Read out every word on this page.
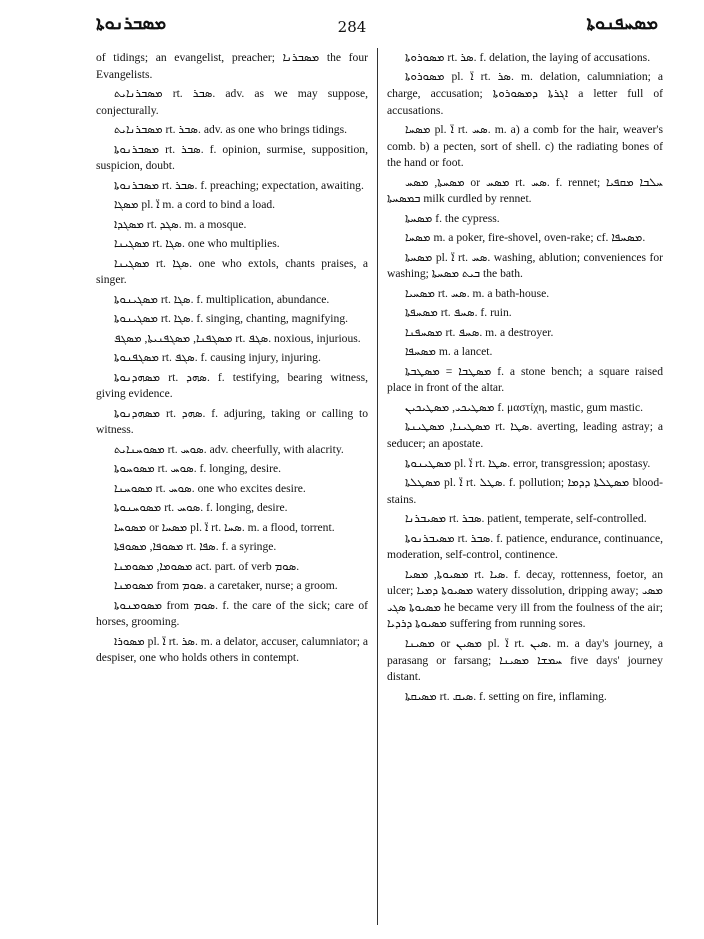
ܡܣܒܪܢܘܬܐ	284	ܡܣܚܦܢܘܬܐ

of tidings; an evangelist, preacher; ܡܣܒܪܢܐ the four Evangelists.

ܡܣܒܪܢܐܝܬ rt. ܣܒܪ. adv. as we may suppose, conjecturally.

ܡܣܒܪܢܐܝܬ rt. ܣܒܪ. adv. as one who brings tidings.

ܡܣܒܪܢܘܬܐ rt. ܣܒܪ. f. opinion, surmise, supposition, suspicion, doubt.

ܡܣܒܪܢܘܬܐ rt. ܣܒܪ. f. preaching; expectation, awaiting.

ܡܣܓܐ pl. ܐ̈ m. a cord to bind a load.

ܡܣܓܕܐ rt. ܣܓܕ. m. a mosque.

ܡܣܓܝܢܐ rt. ܣܓܐ. one who multiplies.

ܡܣܓܝܢܐ rt. ܣܓܐ. one who extols, chants praises, a singer.

ܡܣܓܝܢܘܬܐ rt. ܣܓܐ. f. multiplication, abundance.

ܡܣܓܝܢܘܬܐ rt. ܣܓܐ. f. singing, chanting, magnifying.

ܡܣܓܦܢܐ, ܡܣܓܦܢܝܬܐ, ܡܣܓܦ rt. ܣܓܦ. noxious, injurious.

ܡܣܓܦܢܘܬܐ rt. ܣܓܦ. f. causing injury, injuring.

ܡܣܗܕܢܘܬܐ rt. ܣܗܕ. f. testifying, bearing witness, giving evidence.

ܡܣܗܕܢܘܬܐ rt. ܣܗܕ. f. adjuring, taking or calling to witness.

ܡܣܘܚܢܐܝܬ rt. ܣܘܚ. adv. cheerfully, with alacrity.

ܡܣܘܚܘܬܐ rt. ܣܘܚ. f. longing, desire.

ܡܣܘܚܢܐ rt. ܣܘܚ. one who excites desire.

ܡܣܘܚܢܘܬܐ rt. ܣܘܚ. f. longing, desire.

ܡܣܘܚܐ or ܡܣܚܐ pl. ܐ̈ rt. ܣܚܐ. m. a flood, torrent.

ܡܣܘܦܐ, ܡܣܘܦܬܐ rt. ܣܦܐ. f. a syringe.

ܡܣܘܡܐ, ܡܣܘܡܢܐ act. part. of verb ܣܘܡ.

ܡܣܘܡܢܐ from ܣܘܡ. a caretaker, nurse; a groom.

ܡܣܘܡܢܘܬܐ from ܣܘܡ. f. the care of the sick; care of horses, grooming.

ܡܣܘܪܐ pl. ܐ̈ rt. ܣܪ. m. a delator, accuser, calumniator; a despiser, one who holds others in contempt.

ܡܣܘܪܘܬܐ rt. ܣܪ. f. delation, the laying of accusations.

ܡܣܘܪܘܬܐ pl. ܐ̈ rt. ܣܪ. m. delation, calumniation; a charge, accusation; ܐܓܪܬܐ ܕܡܣܘܪܘܬܐ a letter full of accusations.

ܡܣܚܐ pl. ܐ̈ rt. ܣܚ. m. a) a comb for the hair, weaver's comb. b) a pecten, sort of shell. c) the radiating bones of the hand or foot.

ܡܣܚܬܐ, ܡܣܚ or ܡܣܚ rt. ܣܚ. f. rennet; ܚܠܒܐ ܡܩܦܝܐ ܒܡܣܚܬܐ milk curdled by rennet.

ܡܣܚܬܐ f. the cypress.

ܡܣܚܐ m. a poker, fire-shovel, oven-rake; cf. ܡܣܚܦܐ.

ܡܣܚܬܐ pl. ܐ̈ rt. ܣܚ. washing, ablution; conveniences for washing; ܒܝܬ ܡܣܚܬܐ the bath.

ܡܣܚܝܐ rt. ܣܚ. m. a bath-house.

ܡܣܚܦܬܐ rt. ܣܚܦ. f. ruin.

ܡܣܚܦܢܐ rt. ܣܚܦ. m. a destroyer.

ܡܣܚܦܐ m. a lancet.

ܡܣܛܒܐ = ܡܣܛܒܬܐ f. a stone bench; a square raised place in front of the altar.

ܡܣܛܝܟܝ, ܡܣܛܝܟܝܢ f. μαστίχη, mastic, gum mastic.

ܡܣܛܝܢܐ, ܡܣܛܝܢܬܐ rt. ܣܛܐ. averting, leading astray; a seducer; an apostate.

ܡܣܛܝܢܘܬܐ pl. ܐ̈ rt. ܣܛܐ. error, transgression; apostasy.

ܡܣܛܠܬܐ pl. ܐ̈ rt. ܣܛܠ. f. pollution; ܡܣܛܠܬܐ ܕܕܡܐ blood-stains.

ܡܣܝܒܪܢܐ rt. ܣܒܪ. patient, temperate, self-controlled.

ܡܣܝܒܪܢܘܬܐ rt. ܣܒܪ. f. patience, endurance, continuance, moderation, self-control, continence.

ܡܣܝܘܬܐ, ܡܣܝܐ rt. ܣܝܐ. f. decay, rottenness, foetor, an ulcer; ܡܣܝܘܬܐ ܕܡܝܐ watery dissolution, dripping away; ܡܣܝ ܡܣܝܘܬܐ ܣܓܝ he became very ill from the foulness of the air; ܡܣܝܘܬܐ ܕܪܕܝܐ suffering from running sores.

ܡܣܝܢܐ or ܡܣܝܢ pl. ܐ̈ rt. ܣܝܢ. m. a day's journey, a parasang or farsang; ܚܡܫܐ ܡܣܝܢܐ five days' journey distant.

ܡܣܝܩܬܐ rt. ܣܝܩ. f. setting on fire, inflaming.
